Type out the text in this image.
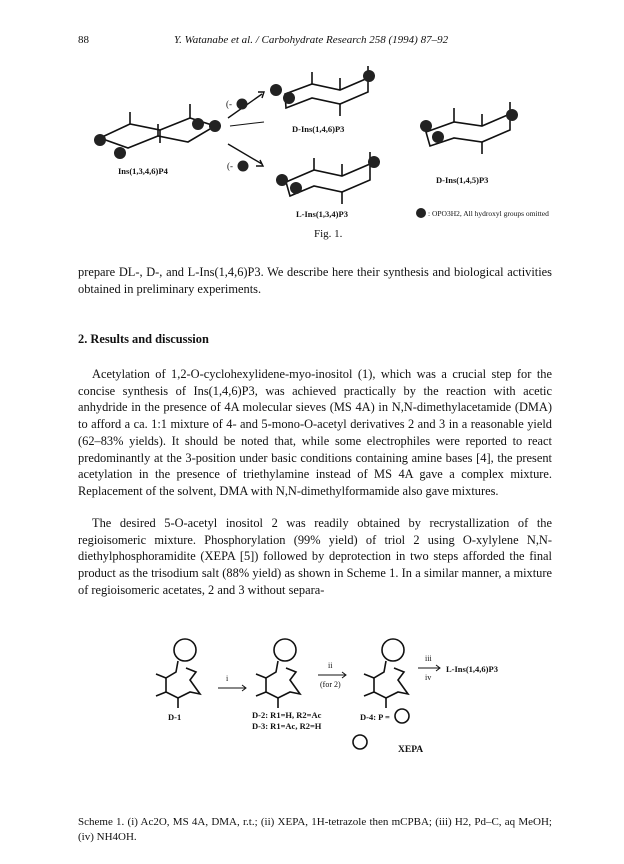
88	Y. Watanabe et al. / Carbohydrate Research 258 (1994) 87–92
Ins(1,3,4,6)P4
D-Ins(1,4,6)P3
D-Ins(1,4,5)P3
L-Ins(1,3,4)P3
(-
(-
: OPO3H2, All hydroxyl groups omitted
Fig. 1.
prepare DL-, D-, and L-Ins(1,4,6)P3. We describe here their synthesis and biological activities obtained in preliminary experiments.
2. Results and discussion
Acetylation of 1,2-O-cyclohexylidene-myo-inositol (1), which was a crucial step for the concise synthesis of Ins(1,4,6)P3, was achieved practically by the reaction with acetic anhydride in the presence of 4A molecular sieves (MS 4A) in N,N-dimethylacetamide (DMA) to afford a ca. 1:1 mixture of 4- and 5-mono-O-acetyl derivatives 2 and 3 in a reasonable yield (62–83% yields). It should be noted that, while some electrophiles were reported to react predominantly at the 3-position under basic conditions containing amine bases [4], the present acetylation in the presence of triethylamine instead of MS 4A gave a complex mixture. Replacement of the solvent, DMA with N,N-dimethylformamide also gave mixtures.
The desired 5-O-acetyl inositol 2 was readily obtained by recrystallization of the regioisomeric mixture. Phosphorylation (99% yield) of triol 2 using O-xylylene N,N-diethylphosphoramidite (XEPA [5]) followed by deprotection in two steps afforded the final product as the trisodium salt (88% yield) as shown in Scheme 1. In a similar manner, a mixture of regioisomeric acetates, 2 and 3 without separa-
i
ii
iii
iv
(for 2)
L-Ins(1,4,6)P3
D-1	D-2: R1=H, R2=Ac
D-3: R1=Ac, R2=H
D-4: P =
XEPA
Scheme 1. (i) Ac2O, MS 4A, DMA, r.t.; (ii) XEPA, 1H-tetrazole then mCPBA; (iii) H2, Pd–C, aq MeOH; (iv) NH4OH.
